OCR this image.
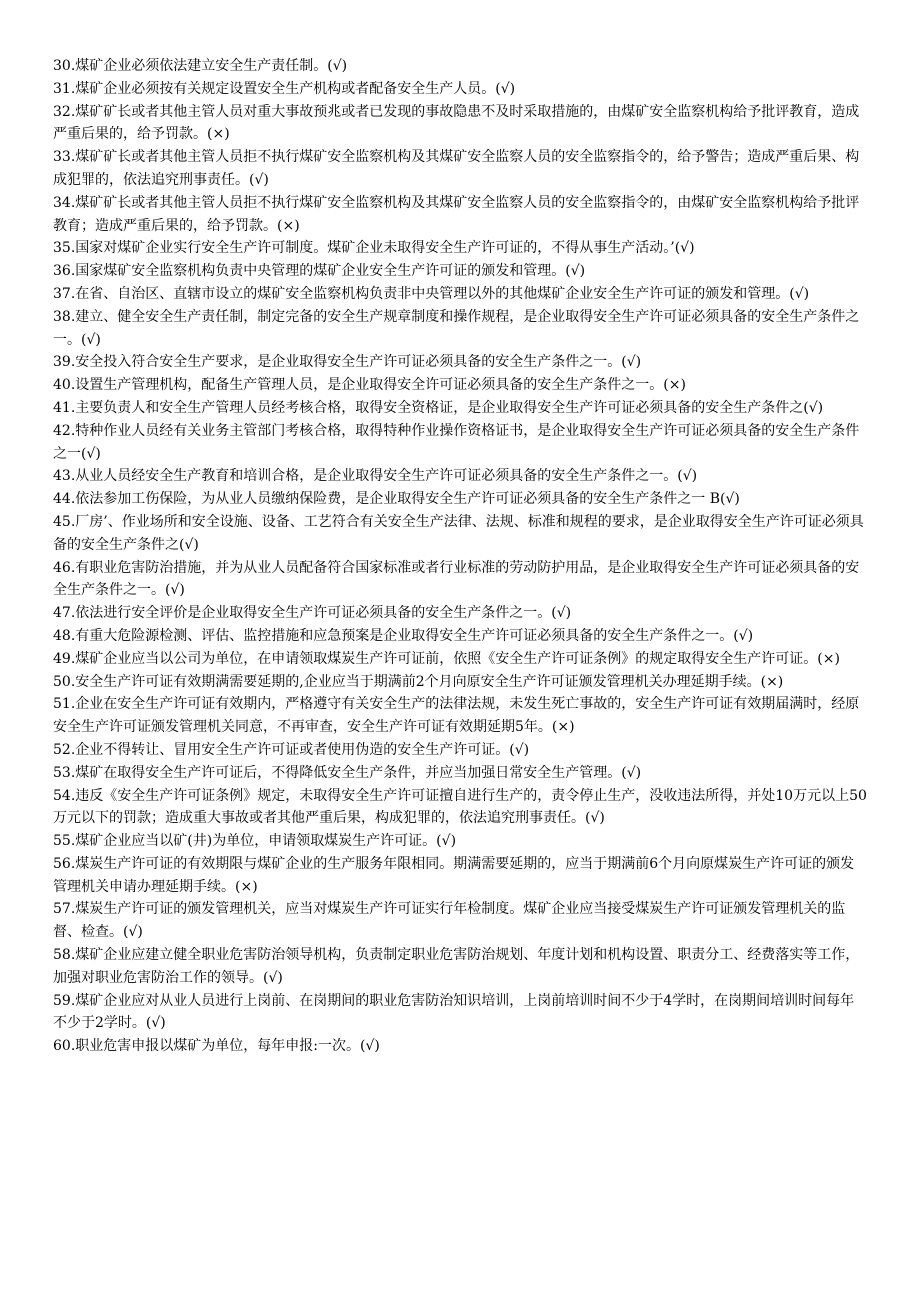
30.煤矿企业必须依法建立安全生产责任制。(√)

31.煤矿企业必须按有关规定设置安全生产机构或者配备安全生产人员。(√)

32.煤矿矿长或者其他主管人员对重大事故预兆或者已发现的事故隐患不及时采取措施的，由煤矿安全监察机构给予批评教育，造成严重后果的，给予罚款。(×)

33.煤矿矿长或者其他主管人员拒不执行煤矿安全监察机构及其煤矿安全监察人员的安全监察指令的，给予警告；造成严重后果、构成犯罪的，依法追究刑事责任。(√)

34.煤矿矿长或者其他主管人员拒不执行煤矿安全监察机构及其煤矿安全监察人员的安全监察指令的，由煤矿安全监察机构给予批评教育；造成严重后果的，给予罚款。(×)

35.国家对煤矿企业实行安全生产许可制度。煤矿企业未取得安全生产许可证的，不得从事生产活动。’(√)

36.国家煤矿安全监察机构负责中央管理的煤矿企业安全生产许可证的颁发和管理。(√)

37.在省、自治区、直辖市设立的煤矿安全监察机构负责非中央管理以外的其他煤矿企业安全生产许可证的颁发和管理。(√)

38.建立、健全安全生产责任制，制定完备的安全生产规章制度和操作规程，是企业取得安全生产许可证必须具备的安全生产条件之一。(√)

39.安全投入符合安全生产要求，是企业取得安全生产许可证必须具备的安全生产条件之一。(√)

40.设置生产管理机构，配备生产管理人员，是企业取得安全许可证必须具备的安全生产条件之一。(×)

41.主要负责人和安全生产管理人员经考核合格，取得安全资格证，是企业取得安全生产许可证必须具备的安全生产条件之(√)

42.特种作业人员经有关业务主管部门考核合格，取得特种作业操作资格证书，是企业取得安全生产许可证必须具备的安全生产条件之一(√)

43.从业人员经安全生产教育和培训合格，是企业取得安全生产许可证必须具备的安全生产条件之一。(√)

44.依法参加工伤保险，为从业人员缴纳保险费，是企业取得安全生产许可证必须具备的安全生产条件之一 B(√)

45.厂房’、作业场所和安全设施、设备、工艺符合有关安全生产法律、法规、标准和规程的要求，是企业取得安全生产许可证必须具备的安全生产条件之(√)

46.有职业危害防治措施，并为从业人员配备符合国家标准或者行业标准的劳动防护用品，是企业取得安全生产许可证必须具备的安全生产条件之一。(√)

47.依法进行安全评价是企业取得安全生产许可证必须具备的安全生产条件之一。(√)

48.有重大危险源检测、评估、监控措施和应急预案是企业取得安全生产许可证必须具备的安全生产条件之一。(√)

49.煤矿企业应当以公司为单位，在申请领取煤炭生产许可证前，依照《安全生产许可证条例》的规定取得安全生产许可证。(×)

50.安全生产许可证有效期满需要延期的,企业应当于期满前2个月向原安全生产许可证颁发管理机关办理延期手续。(×)

51.企业在安全生产许可证有效期内，严格遵守有关安全生产的法律法规，未发生死亡事故的，安全生产许可证有效期届满时，经原安全生产许可证颁发管理机关同意，不再审查，安全生产许可证有效期延期5年。(×)

52.企业不得转让、冒用安全生产许可证或者使用伪造的安全生产许可证。(√)

53.煤矿在取得安全生产许可证后，不得降低安全生产条件，并应当加强日常安全生产管理。(√)

54.违反《安全生产许可证条例》规定，未取得安全生产许可证擅自进行生产的，责令停止生产，没收违法所得，并处10万元以上50万元以下的罚款；造成重大事故或者其他严重后果，构成犯罪的，依法追究刑事责任。(√)

55.煤矿企业应当以矿(井)为单位，申请领取煤炭生产许可证。(√)

56.煤炭生产许可证的有效期限与煤矿企业的生产服务年限相同。期满需要延期的，应当于期满前6个月向原煤炭生产许可证的颁发管理机关申请办理延期手续。(×)

57.煤炭生产许可证的颁发管理机关，应当对煤炭生产许可证实行年检制度。煤矿企业应当接受煤炭生产许可证颁发管理机关的监督、检查。(√)

58.煤矿企业应建立健全职业危害防治领导机构，负责制定职业危害防治规划、年度计划和机构设置、职责分工、经费落实等工作，加强对职业危害防治工作的领导。(√)

59.煤矿企业应对从业人员进行上岗前、在岗期间的职业危害防治知识培训，上岗前培训时间不少于4学时，在岗期间培训时间每年不少于2学时。(√)

60.职业危害申报以煤矿为单位，每年申报:一次。(√)
